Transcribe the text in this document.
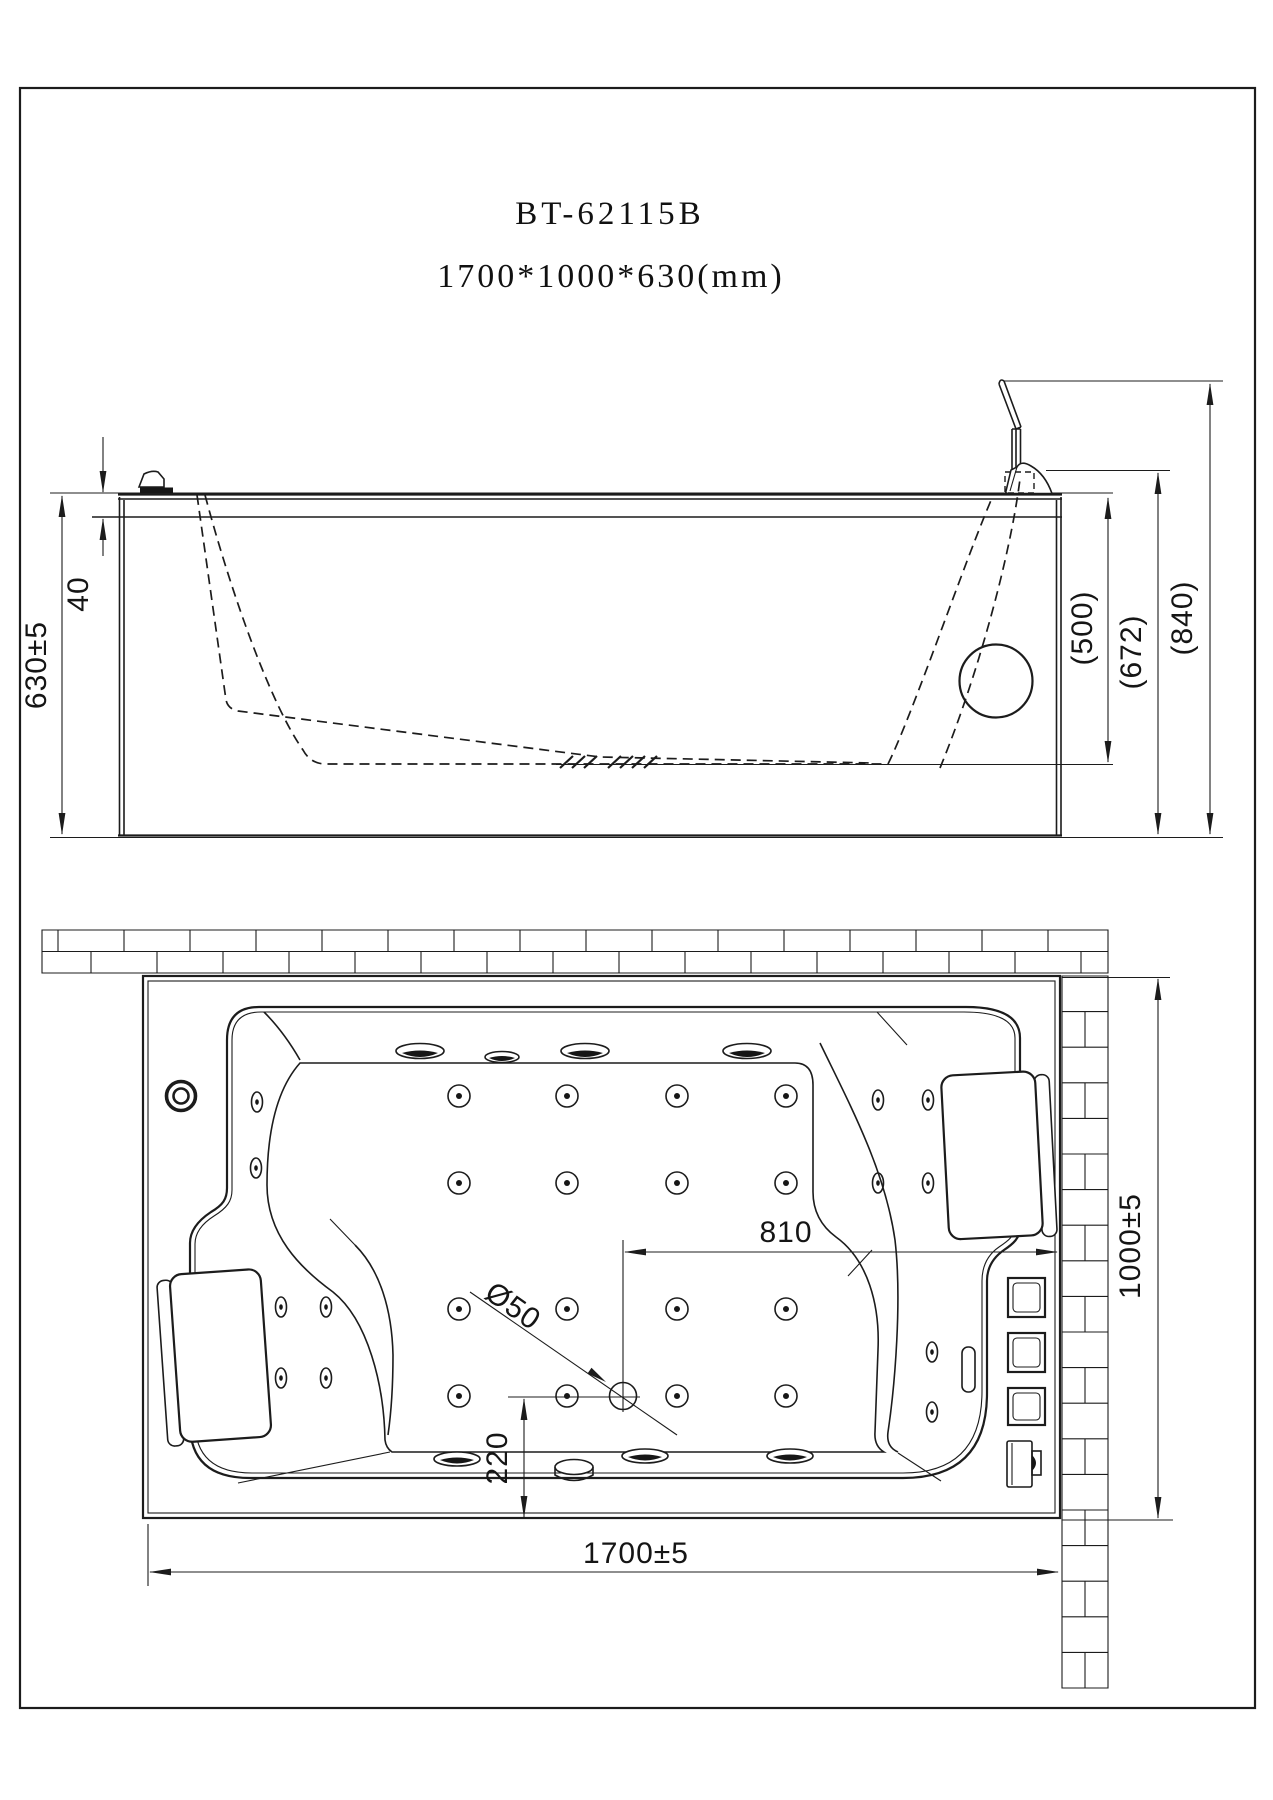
BT-62115B
1700*1000*630(mm)
630±5
40	(500) (672) (840)
810
Ø50
220
1700±5
1000±5
